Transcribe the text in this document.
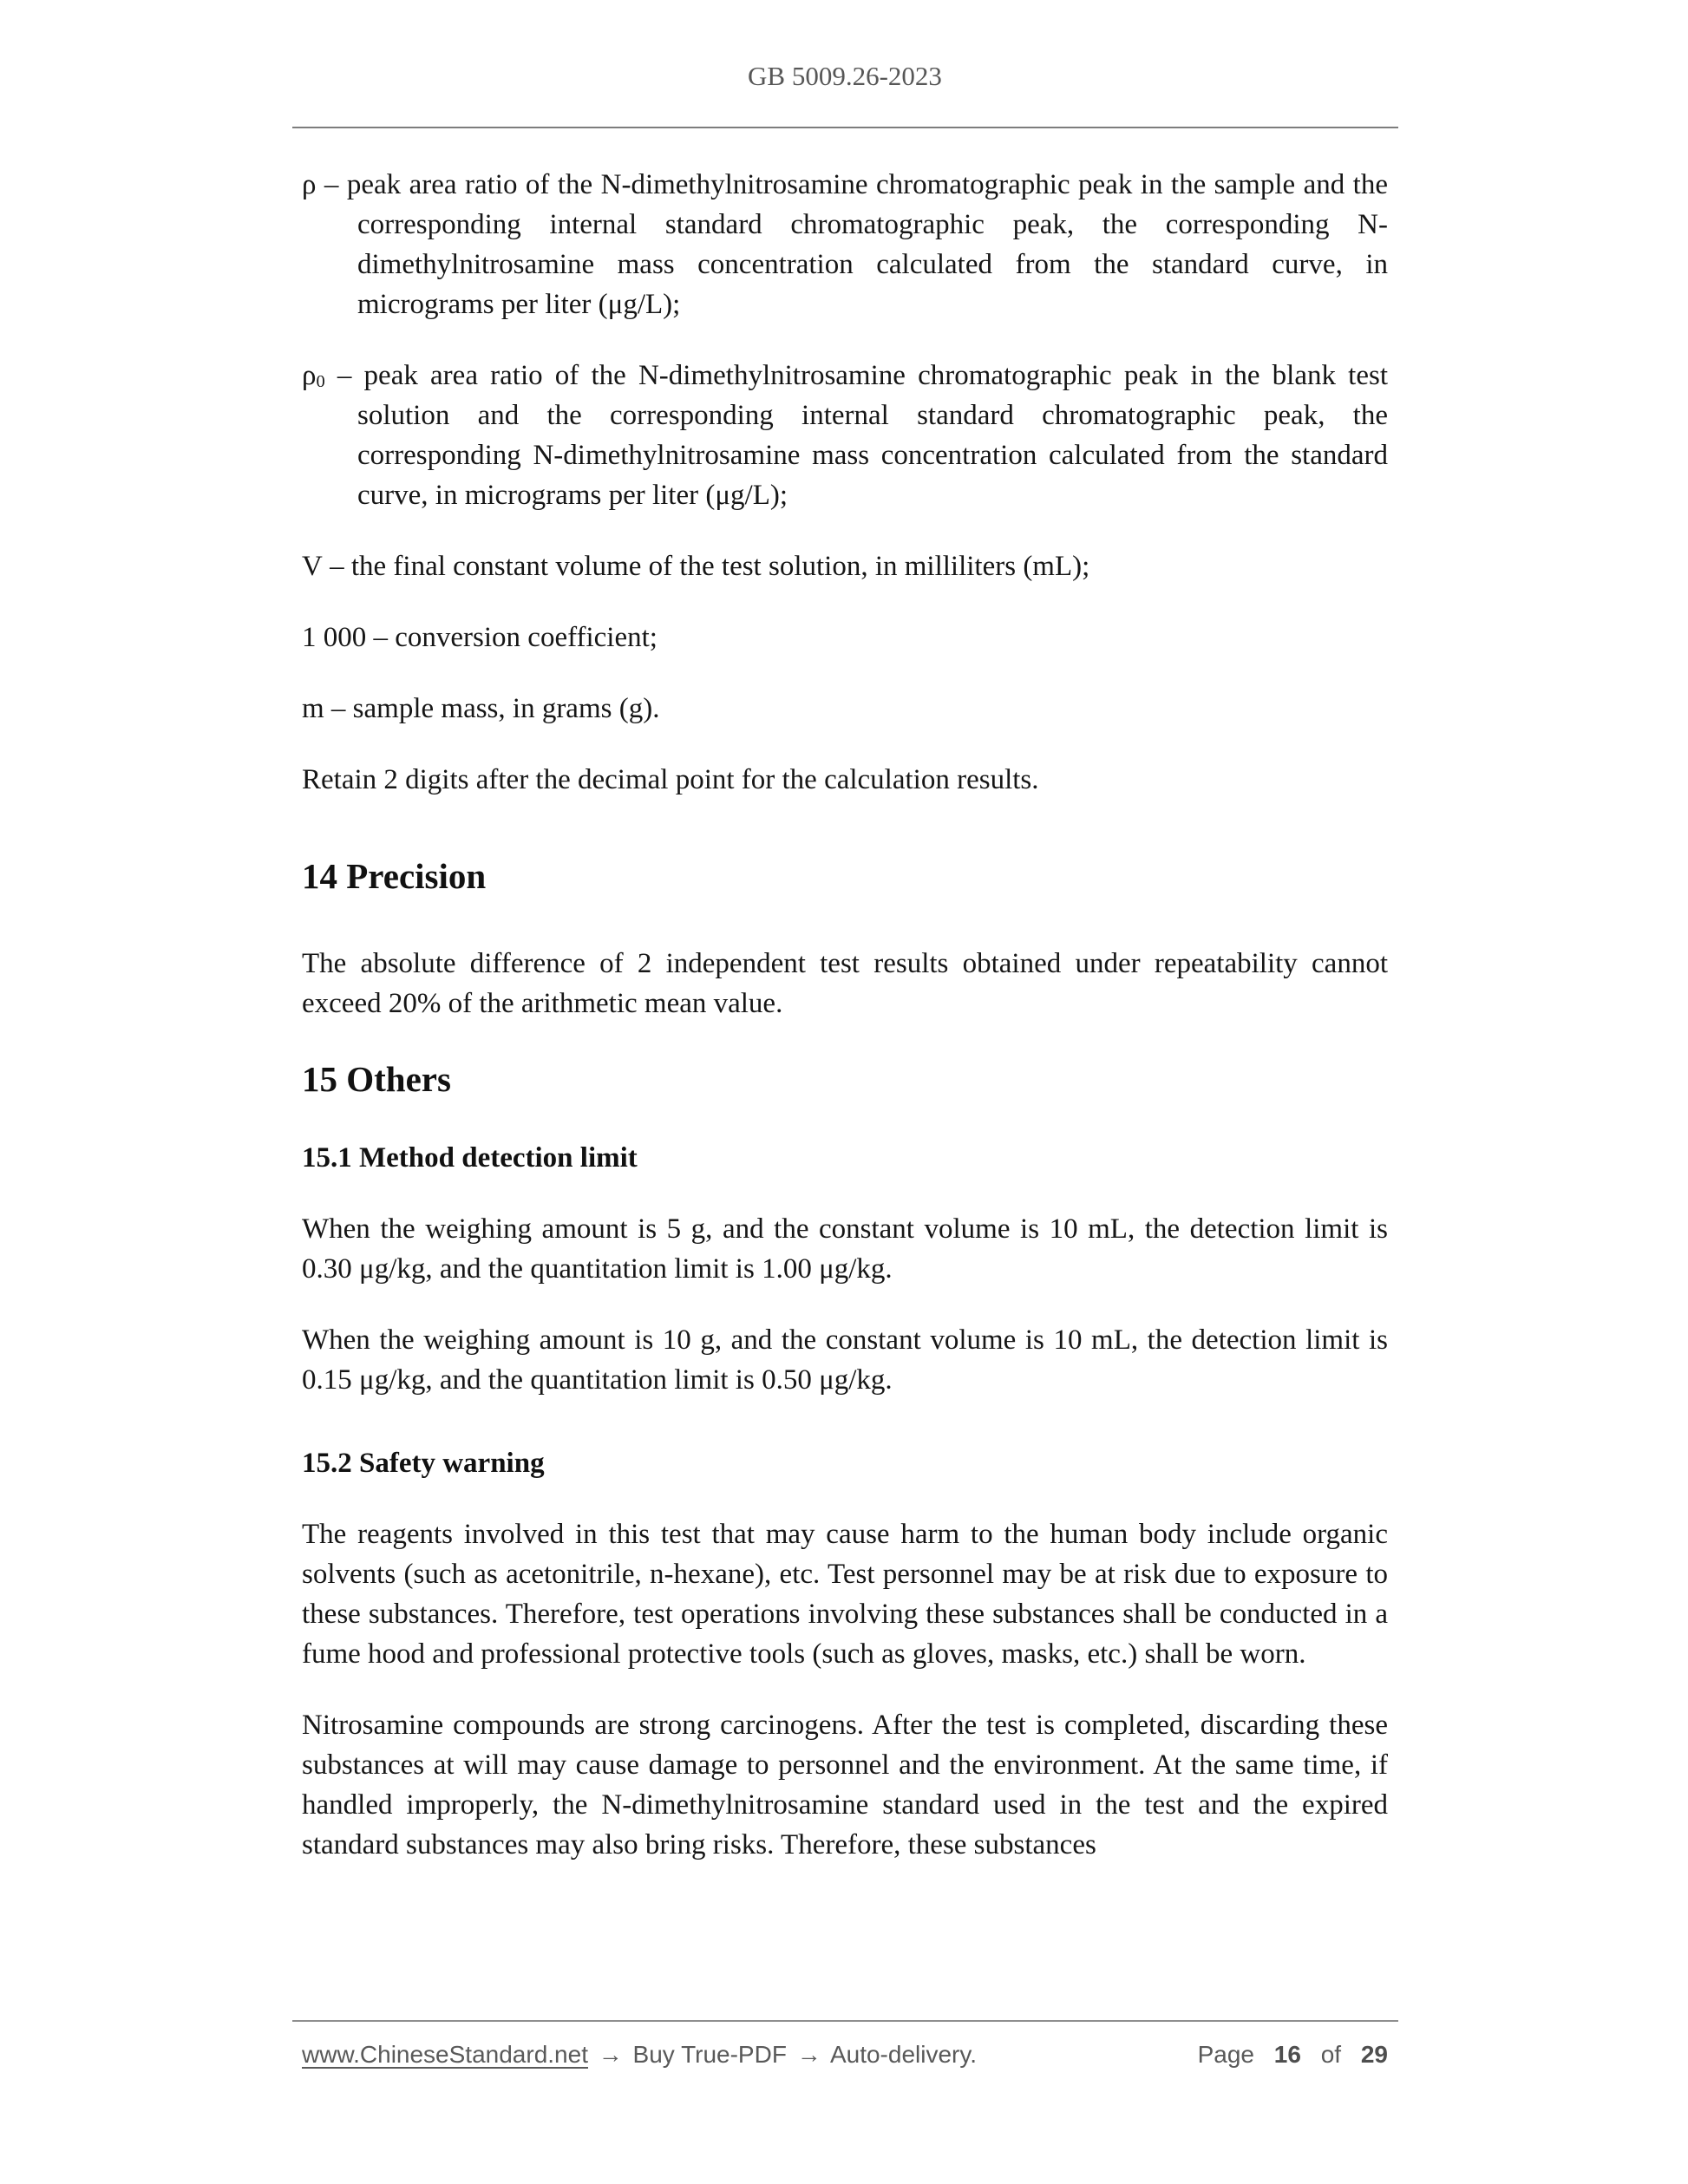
GB 5009.26-2023

ρ – peak area ratio of the N-dimethylnitrosamine chromatographic peak in the sample and the corresponding internal standard chromatographic peak, the corresponding N-dimethylnitrosamine mass concentration calculated from the standard curve, in micrograms per liter (μg/L);

$\rho_0$ – peak area ratio of the N-dimethylnitrosamine chromatographic peak in the blank test solution and the corresponding internal standard chromatographic peak, the corresponding N-dimethylnitrosamine mass concentration calculated from the standard curve, in micrograms per liter (μg/L);

V – the final constant volume of the test solution, in milliliters (mL);

1 000 – conversion coefficient;

m – sample mass, in grams (g).

Retain 2 digits after the decimal point for the calculation results.

14 Precision

The absolute difference of 2 independent test results obtained under repeatability cannot exceed 20% of the arithmetic mean value.

15 Others
15.1 Method detection limit

When the weighing amount is 5 g, and the constant volume is 10 mL, the detection limit is 0.30 μg/kg, and the quantitation limit is 1.00 μg/kg.

When the weighing amount is 10 g, and the constant volume is 10 mL, the detection limit is 0.15 μg/kg, and the quantitation limit is 0.50 μg/kg.

15.2 Safety warning

The reagents involved in this test that may cause harm to the human body include organic solvents (such as acetonitrile, n-hexane), etc. Test personnel may be at risk due to exposure to these substances. Therefore, test operations involving these substances shall be conducted in a fume hood and professional protective tools (such as gloves, masks, etc.) shall be worn.

Nitrosamine compounds are strong carcinogens. After the test is completed, discarding these substances at will may cause damage to personnel and the environment. At the same time, if handled improperly, the N-dimethylnitrosamine standard used in the test and the expired standard substances may also bring risks. Therefore, these substances

www.ChineseStandard.net → Buy True-PDF → Auto-delivery.	Page 16 of 29
